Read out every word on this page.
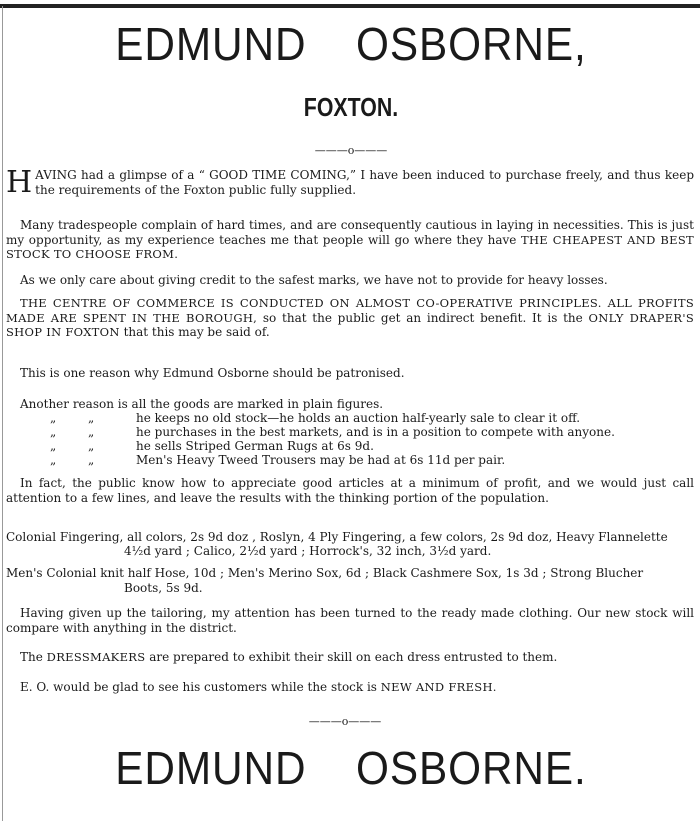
EDMUND OSBORNE,
FOXTON.
———o———
HAVING had a glimpse of a “ GOOD TIME COMING,” I have been induced to purchase freely, and thus keep the requirements of the Foxton public fully supplied.
Many tradespeople complain of hard times, and are consequently cautious in laying in necessities. This is just my opportunity, as my experience teaches me that people will go where they have THE CHEAPEST AND BEST STOCK TO CHOOSE FROM.
As we only care about giving credit to the safest marks, we have not to provide for heavy losses.
THE CENTRE OF COMMERCE IS CONDUCTED ON ALMOST CO-OPERATIVE PRINCIPLES. ALL PROFITS MADE ARE SPENT IN THE BOROUGH, so that the public get an indirect benefit. It is the ONLY DRAPER'S SHOP IN FOXTON that this may be said of.
This is one reason why Edmund Osborne should be patronised.
Another reason is all the goods are marked in plain figures.
„	„	he keeps no old stock—he holds an auction half-yearly sale to clear it off.
„	„	he purchases in the best markets, and is in a position to compete with anyone.
„	„	he sells Striped German Rugs at 6s 9d.
„	„	Men's Heavy Tweed Trousers may be had at 6s 11d per pair.
In fact, the public know how to appreciate good articles at a minimum of profit, and we would just call attention to a few lines, and leave the results with the thinking portion of the population.
Colonial Fingering, all colors, 2s 9d doz , Roslyn, 4 Ply Fingering, a few colors, 2s 9d doz, Heavy Flannelette
4½d yard ; Calico, 2½d yard ; Horrock's, 32 inch, 3½d yard.
Men's Colonial knit half Hose, 10d ; Men's Merino Sox, 6d ; Black Cashmere Sox, 1s 3d ; Strong Blucher
Boots, 5s 9d.
Having given up the tailoring, my attention has been turned to the ready made clothing. Our new stock will compare with anything in the district.
The DRESSMAKERS are prepared to exhibit their skill on each dress entrusted to them.
E. O. would be glad to see his customers while the stock is NEW AND FRESH.
———o———
EDMUND OSBORNE.
